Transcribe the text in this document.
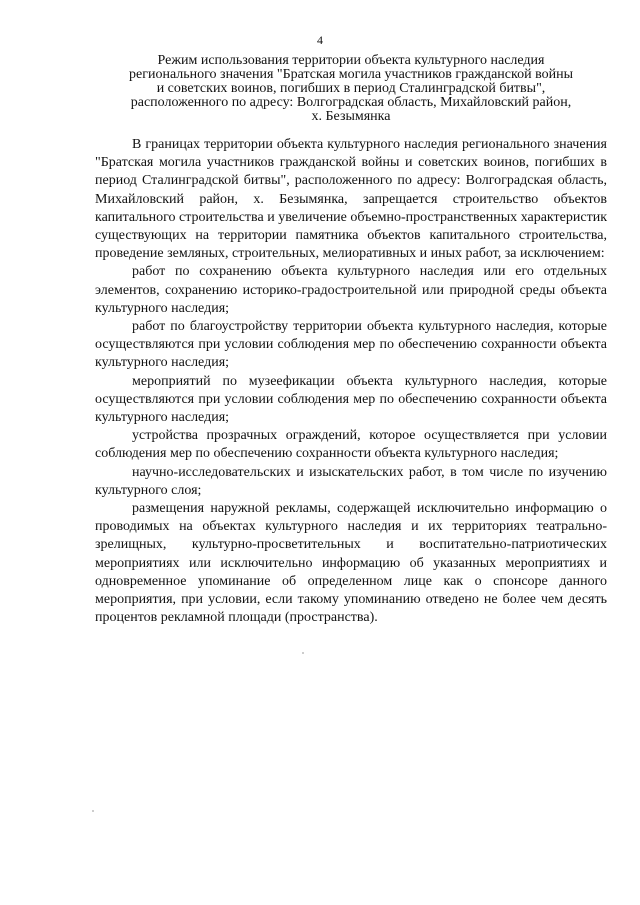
4
Режим использования территории объекта культурного наследия
регионального значения "Братская могила участников гражданской войны
и советских воинов, погибших в период Сталинградской битвы",
расположенного по адресу: Волгоградская область, Михайловский район,
х. Безымянка

В границах территории объекта культурного наследия регионального значения "Братская могила участников гражданской войны и советских воинов, погибших в период Сталинградской битвы", расположенного по адресу: Волгоградская область, Михайловский район, х. Безымянка, запрещается строительство объектов капитального строительства и увеличение объемно-пространственных характеристик существующих на территории памятника объектов капитального строительства, проведение земляных, строительных, мелиоративных и иных работ, за исключением:

работ по сохранению объекта культурного наследия или его отдельных элементов, сохранению историко-градостроительной или природной среды объекта культурного наследия;

работ по благоустройству территории объекта культурного наследия, которые осуществляются при условии соблюдения мер по обеспечению сохранности объекта культурного наследия;

мероприятий по музеефикации объекта культурного наследия, которые осуществляются при условии соблюдения мер по обеспечению сохранности объекта культурного наследия;

устройства прозрачных ограждений, которое осуществляется при условии соблюдения мер по обеспечению сохранности объекта культурного наследия;

научно-исследовательских и изыскательских работ, в том числе по изучению культурного слоя;

размещения наружной рекламы, содержащей исключительно информацию о проводимых на объектах культурного наследия и их территориях театрально-зрелищных, культурно-просветительных и воспитательно-патриотических мероприятиях или исключительно информацию об указанных мероприятиях и одновременное упоминание об определенном лице как о спонсоре данного мероприятия, при условии, если такому упоминанию отведено не более чем десять процентов рекламной площади (пространства).
